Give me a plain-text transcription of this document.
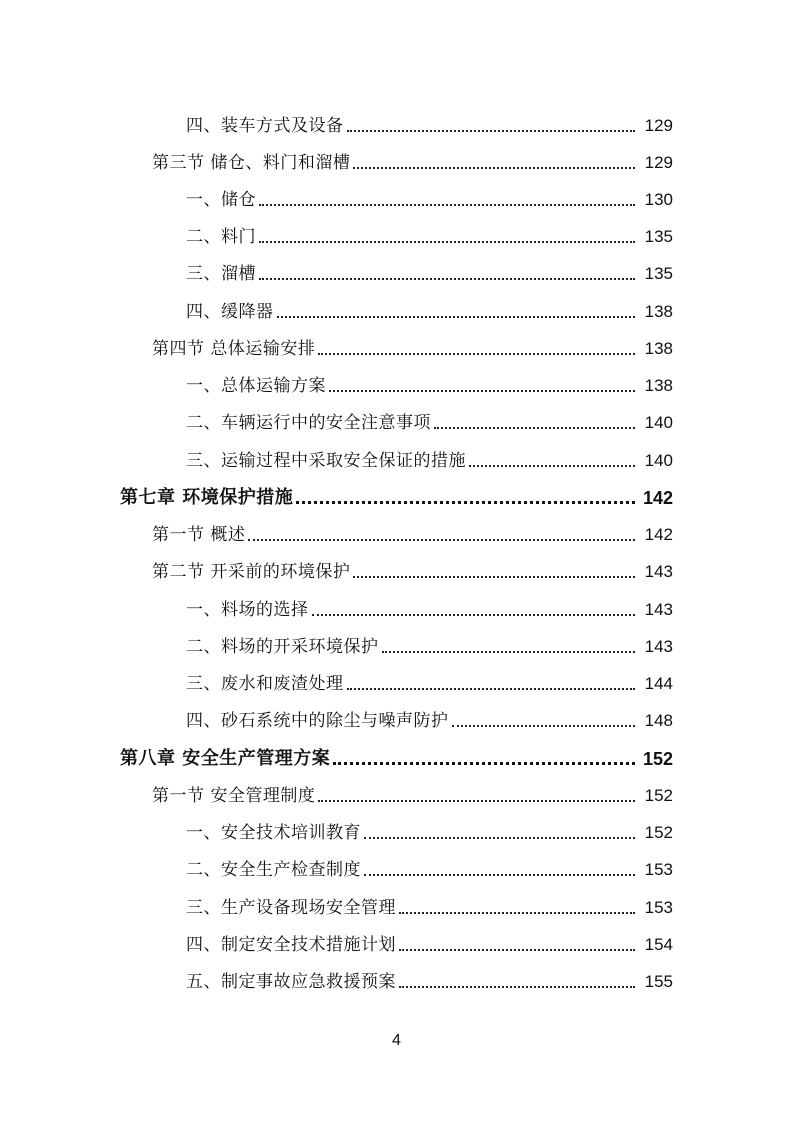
四、装车方式及设备	129
第三节 储仓、料门和溜槽	129
一、储仓	130
二、料门	135
三、溜槽	135
四、缓降器	138
第四节 总体运输安排	138
一、总体运输方案	138
二、车辆运行中的安全注意事项	140
三、运输过程中采取安全保证的措施	140
第七章 环境保护措施	142
第一节 概述	142
第二节 开采前的环境保护	143
一、料场的选择	143
二、料场的开采环境保护	143
三、废水和废渣处理	144
四、砂石系统中的除尘与噪声防护	148
第八章 安全生产管理方案	152
第一节 安全管理制度	152
一、安全技术培训教育	152
二、安全生产检查制度	153
三、生产设备现场安全管理	153
四、制定安全技术措施计划	154
五、制定事故应急救援预案	155
4
